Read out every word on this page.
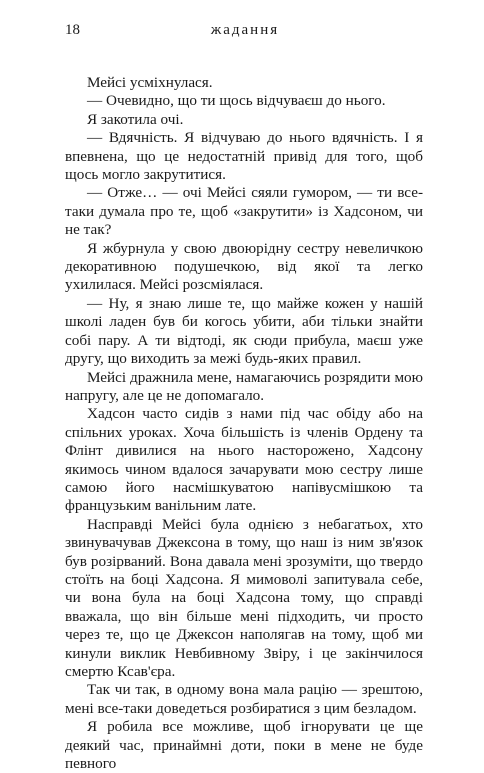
18	жадання

Мейсі усміхнулася.

— Очевидно, що ти щось відчуваєш до нього.

Я закотила очі.

— Вдячність. Я відчуваю до нього вдячність. І я впевнена, що це недостатній привід для того, щоб щось могло закрутитися.

— Отже… — очі Мейсі сяяли гумором, — ти все-таки думала про те, щоб «закрутити» із Хадсоном, чи не так?

Я жбурнула у свою двоюрідну сестру невеличкою декоративною подушечкою, від якої та легко ухилилася. Мейсі розсміялася.

— Ну, я знаю лише те, що майже кожен у нашій школі ладен був би когось убити, аби тільки знайти собі пару. А ти відтоді, як сюди прибула, маєш уже другу, що виходить за межі будь-яких правил.

Мейсі дражнила мене, намагаючись розрядити мою напругу, але це не допомагало.

Хадсон часто сидів з нами під час обіду або на спільних уроках. Хоча більшість із членів Ордену та Флінт дивилися на нього насторожено, Хадсону якимось чином вдалося зачарувати мою сестру лише самою його насмішкуватою напівусмішкою та французьким ванільним лате.

Насправді Мейсі була однією з небагатьох, хто звинувачував Джексона в тому, що наш із ним зв'язок був розірваний. Вона давала мені зрозуміти, що твердо стоїть на боці Хадсона. Я мимоволі запитувала себе, чи вона була на боці Хадсона тому, що справді вважала, що він більше мені підходить, чи просто через те, що це Джексон наполягав на тому, щоб ми кинули виклик Невбивному Звіру, і це закінчилося смертю Ксав'єра.

Так чи так, в одному вона мала рацію — зрештою, мені все-таки доведеться розбиратися з цим безладом.

Я робила все можливе, щоб ігнорувати це ще деякий час, принаймні доти, поки в мене не буде певного
